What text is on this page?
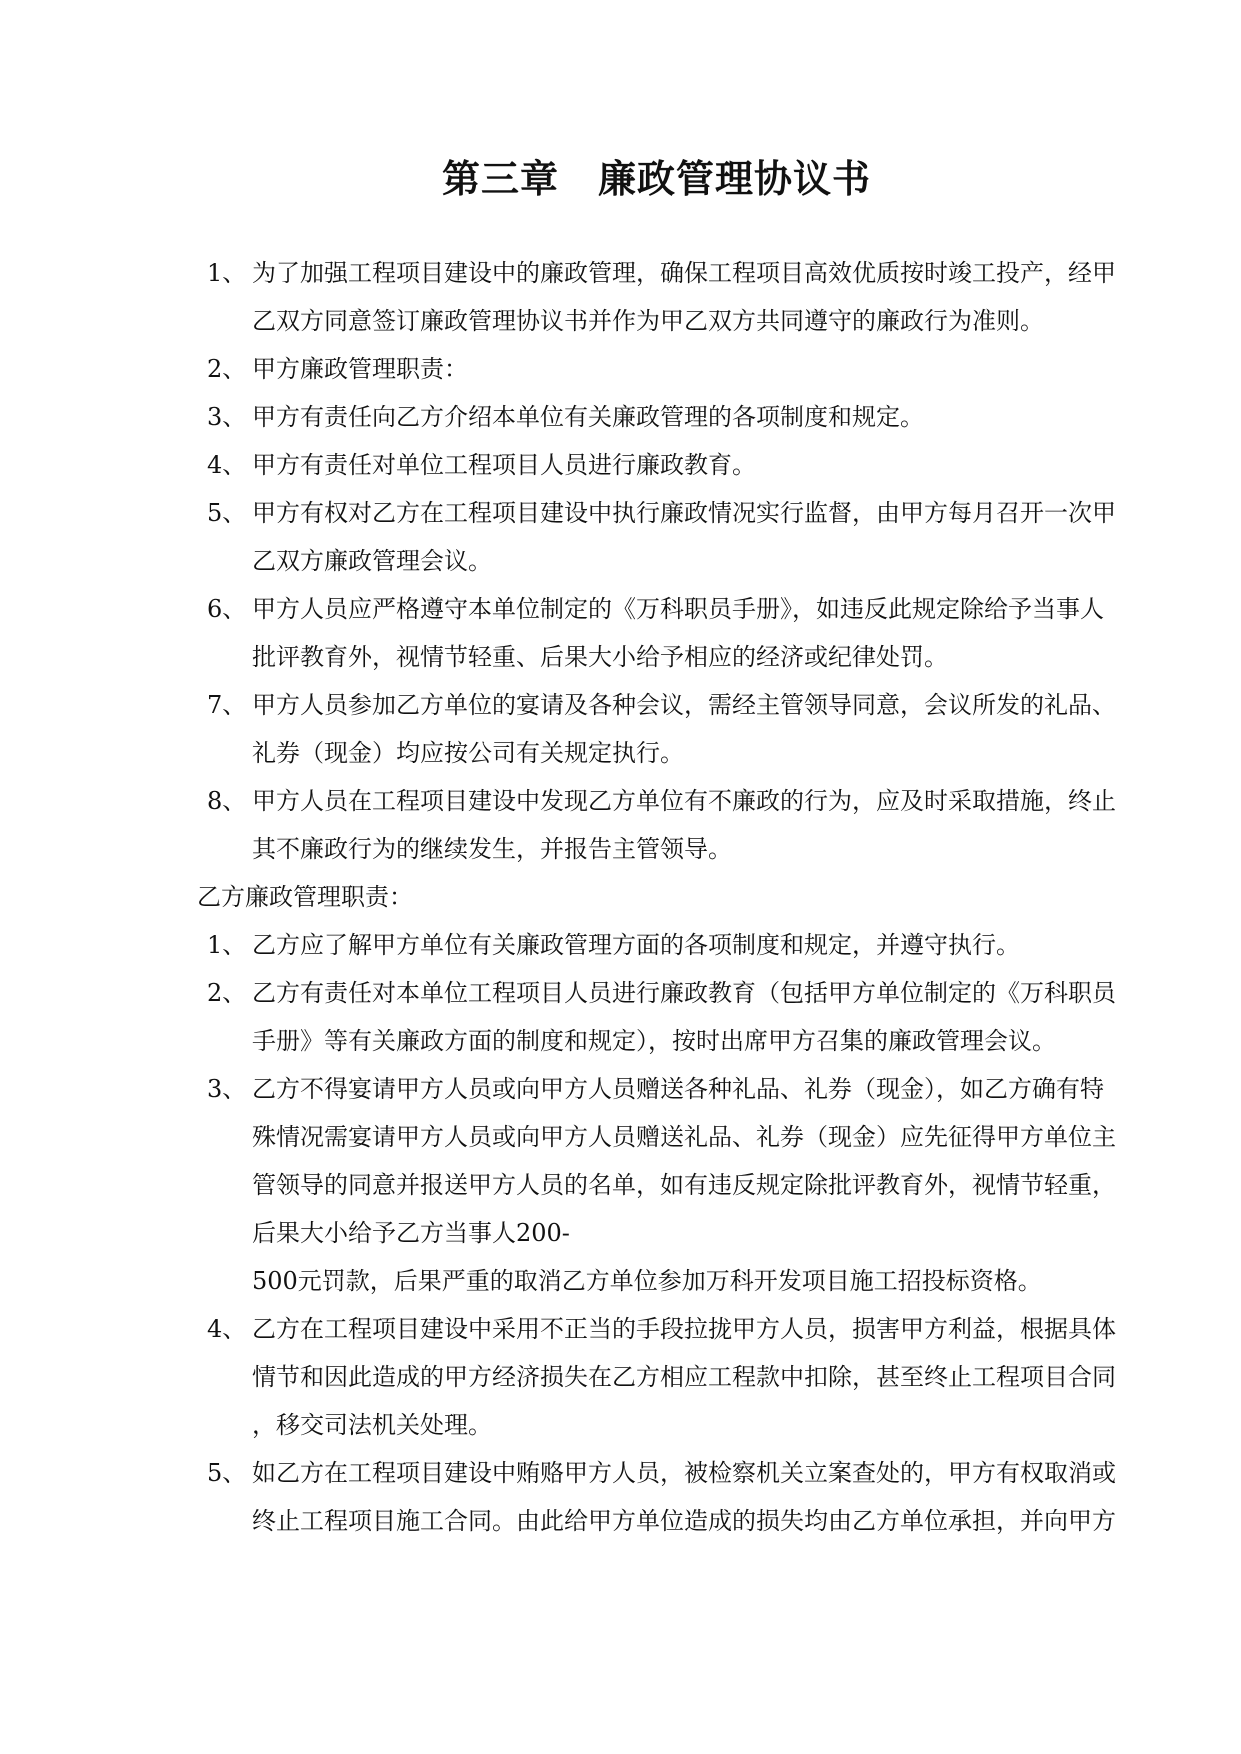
第三章　廉政管理协议书
1、 为了加强工程项目建设中的廉政管理，确保工程项目高效优质按时竣工投产，经甲
乙双方同意签订廉政管理协议书并作为甲乙双方共同遵守的廉政行为准则。
2、 甲方廉政管理职责：
3、 甲方有责任向乙方介绍本单位有关廉政管理的各项制度和规定。
4、 甲方有责任对单位工程项目人员进行廉政教育。
5、 甲方有权对乙方在工程项目建设中执行廉政情况实行监督，由甲方每月召开一次甲
乙双方廉政管理会议。
6、 甲方人员应严格遵守本单位制定的《万科职员手册》，如违反此规定除给予当事人
批评教育外，视情节轻重、后果大小给予相应的经济或纪律处罚。
7、 甲方人员参加乙方单位的宴请及各种会议，需经主管领导同意，会议所发的礼品、
礼券（现金）均应按公司有关规定执行。
8、 甲方人员在工程项目建设中发现乙方单位有不廉政的行为，应及时采取措施，终止
其不廉政行为的继续发生，并报告主管领导。
乙方廉政管理职责：
1、 乙方应了解甲方单位有关廉政管理方面的各项制度和规定，并遵守执行。
2、 乙方有责任对本单位工程项目人员进行廉政教育（包括甲方单位制定的《万科职员
手册》等有关廉政方面的制度和规定），按时出席甲方召集的廉政管理会议。
3、 乙方不得宴请甲方人员或向甲方人员赠送各种礼品、礼券（现金），如乙方确有特
殊情况需宴请甲方人员或向甲方人员赠送礼品、礼券（现金）应先征得甲方单位主
管领导的同意并报送甲方人员的名单，如有违反规定除批评教育外，视情节轻重，
后果大小给予乙方当事人200-
500元罚款，后果严重的取消乙方单位参加万科开发项目施工招投标资格。
4、 乙方在工程项目建设中采用不正当的手段拉拢甲方人员，损害甲方利益，根据具体
情节和因此造成的甲方经济损失在乙方相应工程款中扣除，甚至终止工程项目合同
，移交司法机关处理。
5、 如乙方在工程项目建设中贿赂甲方人员，被检察机关立案查处的，甲方有权取消或
终止工程项目施工合同。由此给甲方单位造成的损失均由乙方单位承担，并向甲方
